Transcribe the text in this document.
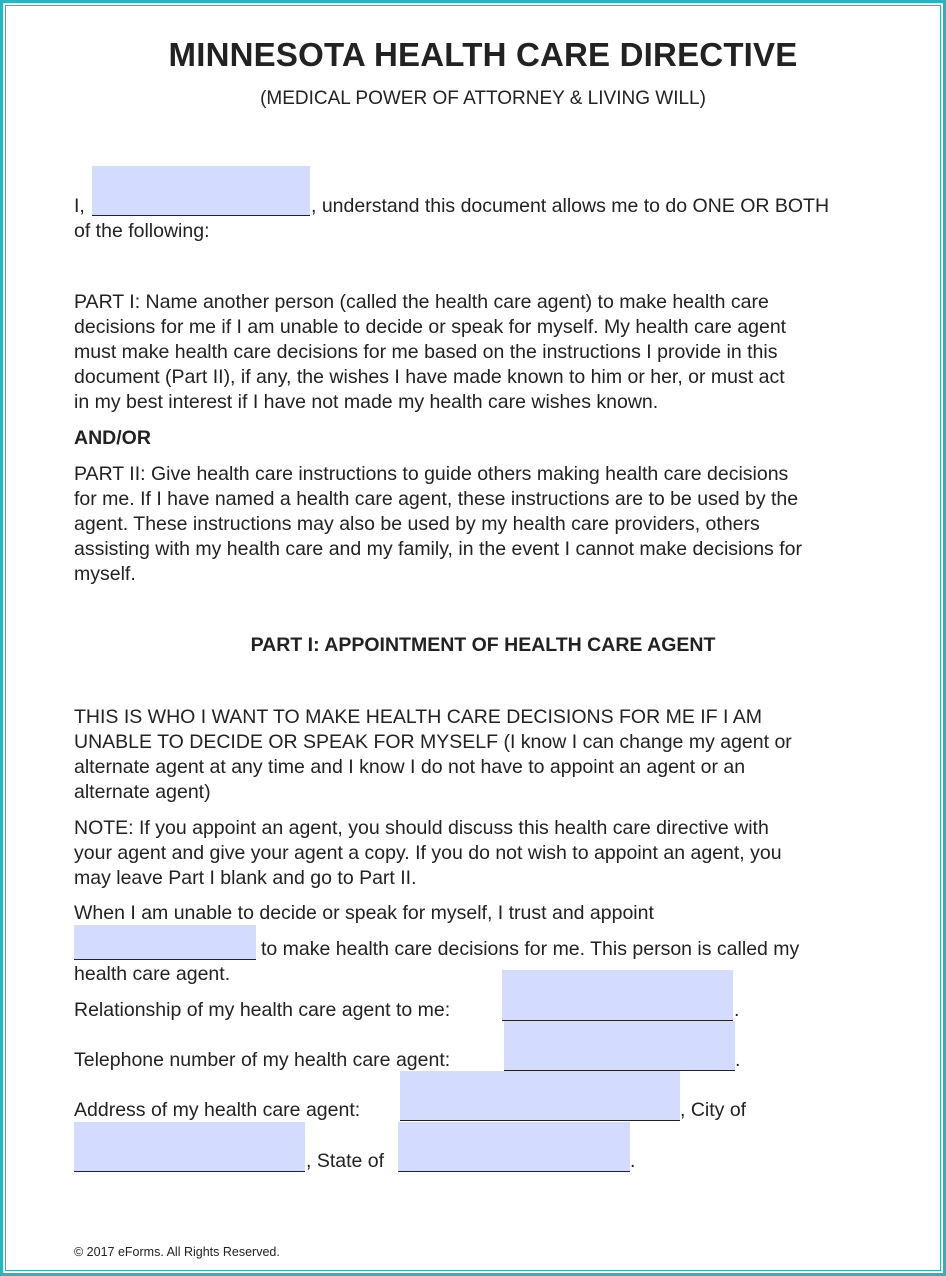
MINNESOTA HEALTH CARE DIRECTIVE
(MEDICAL POWER OF ATTORNEY & LIVING WILL)
I,	, understand this document allows me to do ONE OR BOTH
of the following:
PART I: Name another person (called the health care agent) to make health care
decisions for me if I am unable to decide or speak for myself. My health care agent
must make health care decisions for me based on the instructions I provide in this
document (Part II), if any, the wishes I have made known to him or her, or must act
in my best interest if I have not made my health care wishes known.
AND/OR
PART II: Give health care instructions to guide others making health care decisions
for me. If I have named a health care agent, these instructions are to be used by the
agent. These instructions may also be used by my health care providers, others
assisting with my health care and my family, in the event I cannot make decisions for
myself.
PART I: APPOINTMENT OF HEALTH CARE AGENT
THIS IS WHO I WANT TO MAKE HEALTH CARE DECISIONS FOR ME IF I AM
UNABLE TO DECIDE OR SPEAK FOR MYSELF (I know I can change my agent or
alternate agent at any time and I know I do not have to appoint an agent or an
alternate agent)
NOTE: If you appoint an agent, you should discuss this health care directive with
your agent and give your agent a copy. If you do not wish to appoint an agent, you
may leave Part I blank and go to Part II.
When I am unable to decide or speak for myself, I trust and appoint
to make health care decisions for me. This person is called my
health care agent.
Relationship of my health care agent to me:	.
Telephone number of my health care agent:	.
Address of my health care agent:	, City of
, State of	.
© 2017 eForms. All Rights Reserved.
